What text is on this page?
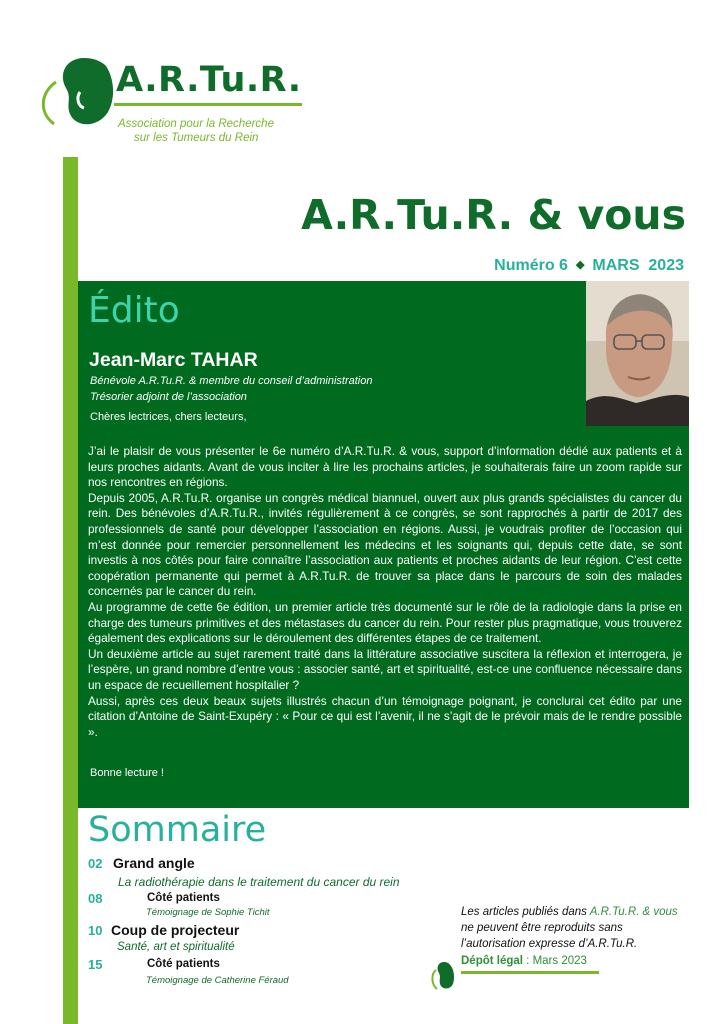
A.R.Tu.R.
Association pour la Recherche
sur les Tumeurs du Rein
A.R.Tu.R. & vous
Numéro 6 ◆ MARS  2023
Édito
Jean-Marc TAHAR
Bénévole A.R.Tu.R. & membre du conseil d’administration
Trésorier adjoint de l’association
Chères lectrices, chers lecteurs,

J’ai le plaisir de vous présenter le 6e numéro d’A.R.Tu.R. & vous, support d’information dédié aux patients et à leurs proches aidants. Avant de vous inciter à lire les prochains articles, je souhaiterais faire un zoom rapide sur nos rencontres en régions.

Depuis 2005, A.R.Tu.R. organise un congrès médical biannuel, ouvert aux plus grands spécialistes du cancer du rein. Des bénévoles d’A.R.Tu.R., invités régulièrement à ce congrès, se sont rapprochés à partir de 2017 des professionnels de santé pour développer l’association en régions. Aussi, je voudrais profiter de l’occasion qui m’est donnée pour remercier personnellement les médecins et les soignants qui, depuis cette date, se sont investis à nos côtés pour faire connaître l’association aux patients et proches aidants de leur région. C’est cette coopération permanente qui permet à A.R.Tu.R. de trouver sa place dans le parcours de soin des malades concernés par le cancer du rein.

Au programme de cette 6e édition, un premier article très documenté sur le rôle de la radiologie dans la prise en charge des tumeurs primitives et des métastases du cancer du rein. Pour rester plus pragmatique, vous trouverez également des explications sur le déroulement des différentes étapes de ce traitement.

Un deuxième article au sujet rarement traité dans la littérature associative suscitera la réflexion et interrogera, je l’espère, un grand nombre d’entre vous : associer santé, art et spiritualité, est-ce une confluence nécessaire dans un espace de recueillement hospitalier ?

Aussi, après ces deux beaux sujets illustrés chacun d’un témoignage poignant, je conclurai cet édito par une citation d’Antoine de Saint-Exupéry : « Pour ce qui est l’avenir, il ne s’agit de le prévoir mais de le rendre possible ».

Bonne lecture !
Sommaire
02 Grand angle
La radiothérapie dans le traitement du cancer du rein
08	Côté patients
Témoignage de Sophie Tichit
10 Coup de projecteur
Santé, art et spiritualité
15	Côté patients
Témoignage de Catherine Féraud
Les articles publiés dans A.R.Tu.R. & vous
ne peuvent être reproduits sans
l’autorisation expresse d’A.R.Tu.R.
Dépôt légal : Mars 2023
